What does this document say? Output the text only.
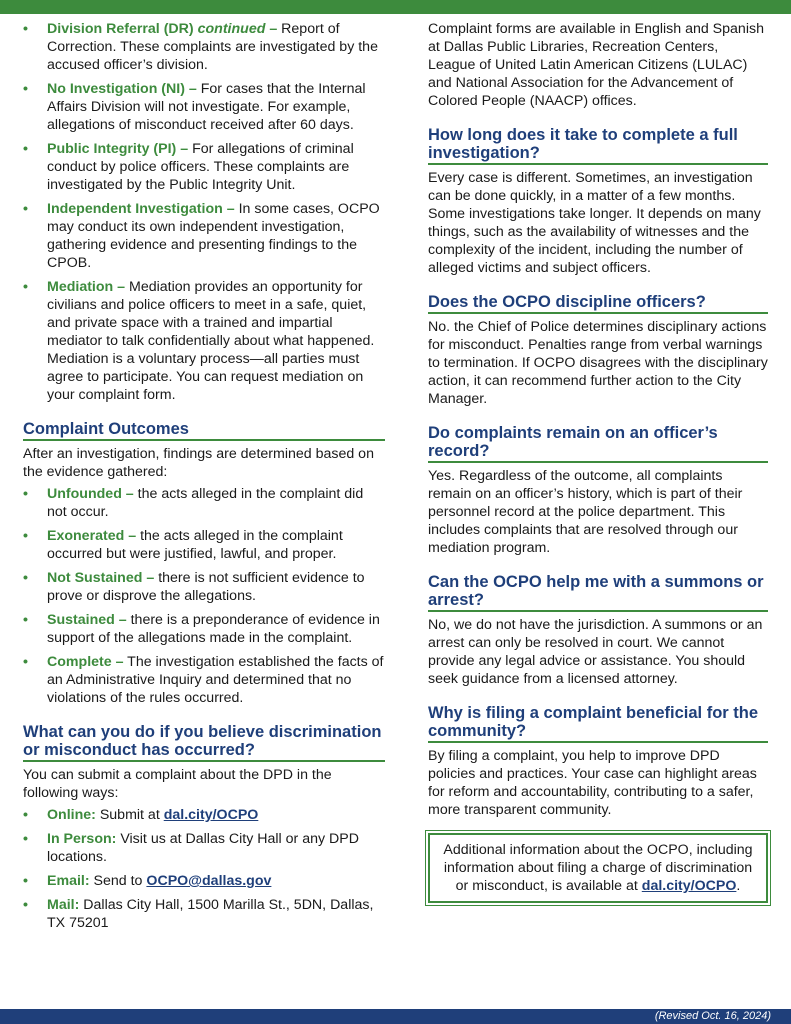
• Division Referral (DR) continued – Report of Correction. These complaints are investigated by the accused officer’s division.
• No Investigation (NI) – For cases that the Internal Affairs Division will not investigate. For example, allegations of misconduct received after 60 days.
• Public Integrity (PI) – For allegations of criminal conduct by police officers. These complaints are investigated by the Public Integrity Unit.
• Independent Investigation – In some cases, OCPO may conduct its own independent investigation, gathering evidence and presenting findings to the CPOB.
• Mediation – Mediation provides an opportunity for civilians and police officers to meet in a safe, quiet, and private space with a trained and impartial mediator to talk confidentially about what happened. Mediation is a voluntary process—all parties must agree to participate. You can request mediation on your complaint form.
Complaint Outcomes

After an investigation, findings are determined based on the evidence gathered:

• Unfounded – the acts alleged in the complaint did not occur.
• Exonerated – the acts alleged in the complaint occurred but were justified, lawful, and proper.
• Not Sustained – there is not sufficient evidence to prove or disprove the allegations.
• Sustained – there is a preponderance of evidence in support of the allegations made in the complaint.
• Complete – The investigation established the facts of an Administrative Inquiry and determined that no violations of the rules occurred.
What can you do if you believe discrimination or misconduct has occurred?

You can submit a complaint about the DPD in the following ways:

• Online: Submit at dal.city/OCPO
• In Person: Visit us at Dallas City Hall or any DPD locations.
• Email: Send to OCPO@dallas.gov
• Mail: Dallas City Hall, 1500 Marilla St., 5DN, Dallas, TX 75201

Complaint forms are available in English and Spanish at Dallas Public Libraries, Recreation Centers, League of United Latin American Citizens (LULAC) and National Association for the Advancement of Colored People (NAACP) offices.

How long does it take to complete a full investigation?

Every case is different. Sometimes, an investigation can be done quickly, in a matter of a few months. Some investigations take longer. It depends on many things, such as the availability of witnesses and the complexity of the incident, including the number of alleged victims and subject officers.

Does the OCPO discipline officers?

No. the Chief of Police determines disciplinary actions for misconduct. Penalties range from verbal warnings to termination. If OCPO disagrees with the disciplinary action, it can recommend further action to the City Manager.

Do complaints remain on an officer’s record?

Yes. Regardless of the outcome, all complaints remain on an officer’s history, which is part of their personnel record at the police department. This includes complaints that are resolved through our mediation program.

Can the OCPO help me with a summons or arrest?

No, we do not have the jurisdiction. A summons or an arrest can only be resolved in court. We cannot provide any legal advice or assistance. You should seek guidance from a licensed attorney.

Why is filing a complaint beneficial for the community?

By filing a complaint, you help to improve DPD policies and practices. Your case can highlight areas for reform and accountability, contributing to a safer, more transparent community.

Additional information about the OCPO, including information about filing a charge of discrimination or misconduct, is available at dal.city/OCPO.
(Revised Oct. 16, 2024)
